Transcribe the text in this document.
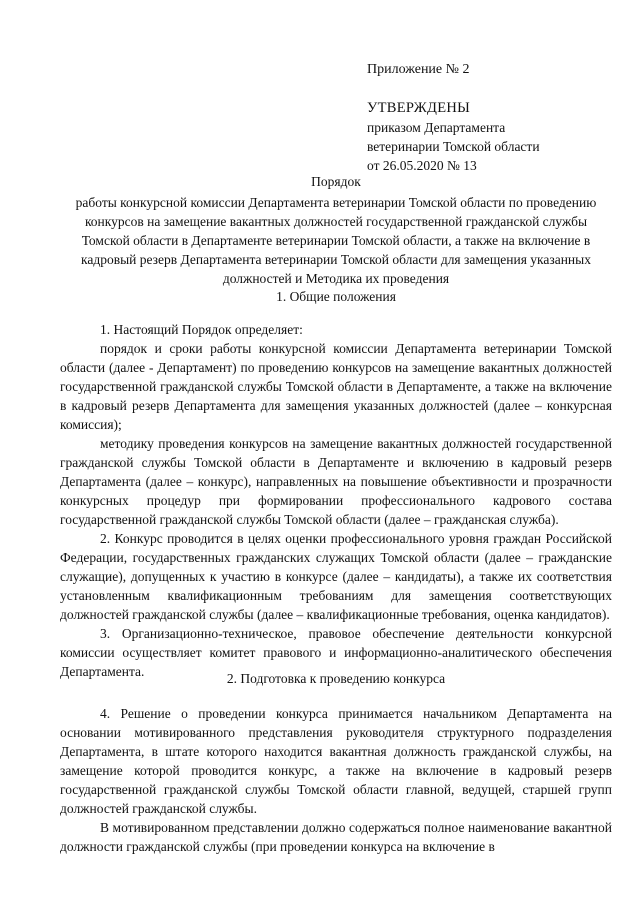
Приложение № 2

УТВЕРЖДЕНЫ

приказом Департамента

ветеринарии Томской области

от 26.05.2020 № 13

Порядок

работы конкурсной комиссии Департамента ветеринарии Томской области по проведению конкурсов на замещение вакантных должностей государственной гражданской службы Томской области в Департаменте ветеринарии Томской области, а также на включение в кадровый резерв Департамента ветеринарии Томской области для замещения указанных должностей и Методика их проведения

1. Общие положения

1. Настоящий Порядок определяет:

порядок и сроки работы конкурсной комиссии Департамента ветеринарии Томской области (далее - Департамент) по проведению конкурсов на замещение вакантных должностей государственной гражданской службы Томской области в Департаменте, а также на включение в кадровый резерв Департамента для замещения указанных должностей (далее – конкурсная комиссия);

методику проведения конкурсов на замещение вакантных должностей государственной гражданской службы Томской области в Департаменте и включению в кадровый резерв Департамента (далее – конкурс), направленных на повышение объективности и прозрачности конкурсных процедур при формировании профессионального кадрового состава государственной гражданской службы Томской области (далее – гражданская служба).

2. Конкурс проводится в целях оценки профессионального уровня граждан Российской Федерации, государственных гражданских служащих Томской области (далее – гражданские служащие), допущенных к участию в конкурсе (далее – кандидаты), а также их соответствия установленным квалификационным требованиям для замещения соответствующих должностей гражданской службы (далее – квалификационные требования, оценка кандидатов).

3. Организационно-техническое, правовое обеспечение деятельности конкурсной комиссии осуществляет комитет правового и информационно-аналитического обеспечения Департамента.	2. Подготовка к проведению конкурса

4. Решение о проведении конкурса принимается начальником Департамента на основании мотивированного представления руководителя структурного подразделения Департамента, в штате которого находится вакантная должность гражданской службы, на замещение которой проводится конкурс, а также на включение в кадровый резерв государственной гражданской службы Томской области главной, ведущей, старшей групп должностей гражданской службы.

В мотивированном представлении должно содержаться полное наименование вакантной должности гражданской службы (при проведении конкурса на включение в
